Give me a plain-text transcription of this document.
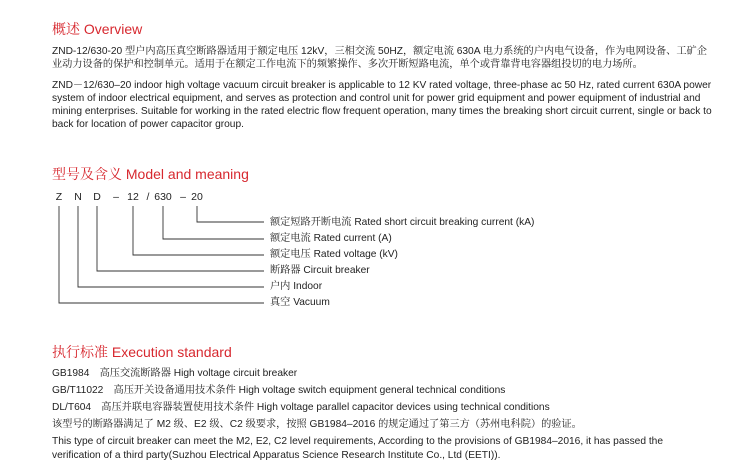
概述 Overview

ZND-12/630-20 型户内高压真空断路器适用于额定电压 12kV，三相交流 50HZ，额定电流 630A 电力系统的户内电气设备，作为电网设备、工矿企业动力设备的保护和控制单元。适用于在额定工作电流下的频繁操作、多次开断短路电流，单个或背靠背电容器组投切的电力场所。

ZND－12/630–20 indoor high voltage vacuum circuit breaker is applicable to 12 KV rated voltage, three-phase ac 50 Hz, rated current 630A power system of indoor electrical equipment, and serves as protection and control unit for power grid equipment and power equipment of industrial and mining enterprises. Suitable for working in the rated electric flow frequent operation, many times the breaking short circuit current, single or back to back for location of power capacitor group.

型号及含义 Model and meaning
Z	N	D	– 12 / 630 – 20
额定短路开断电流 Rated short circuit breaking current (kA)
额定电流 Rated current (A)
额定电压 Rated voltage (kV)
断路器 Circuit breaker
户内 Indoor
真空 Vacuum
执行标准 Execution standard
GB1984　高压交流断路器 High voltage circuit breaker
GB/T11022　高压开关设备通用技术条件 High voltage switch equipment general technical conditions
DL/T604　高压并联电容器装置使用技术条件 High voltage parallel capacitor devices using technical conditions
该型号的断路器满足了 M2 级、E2 级、C2 级要求，按照 GB1984–2016 的规定通过了第三方（苏州电科院）的验证。
This type of circuit breaker can meet the M2, E2, C2 level requirements, According to the provisions of GB1984–2016, it has passed the
verification of a third party(Suzhou Electrical Apparatus Science Research Institute Co., Ltd (EETI)).
